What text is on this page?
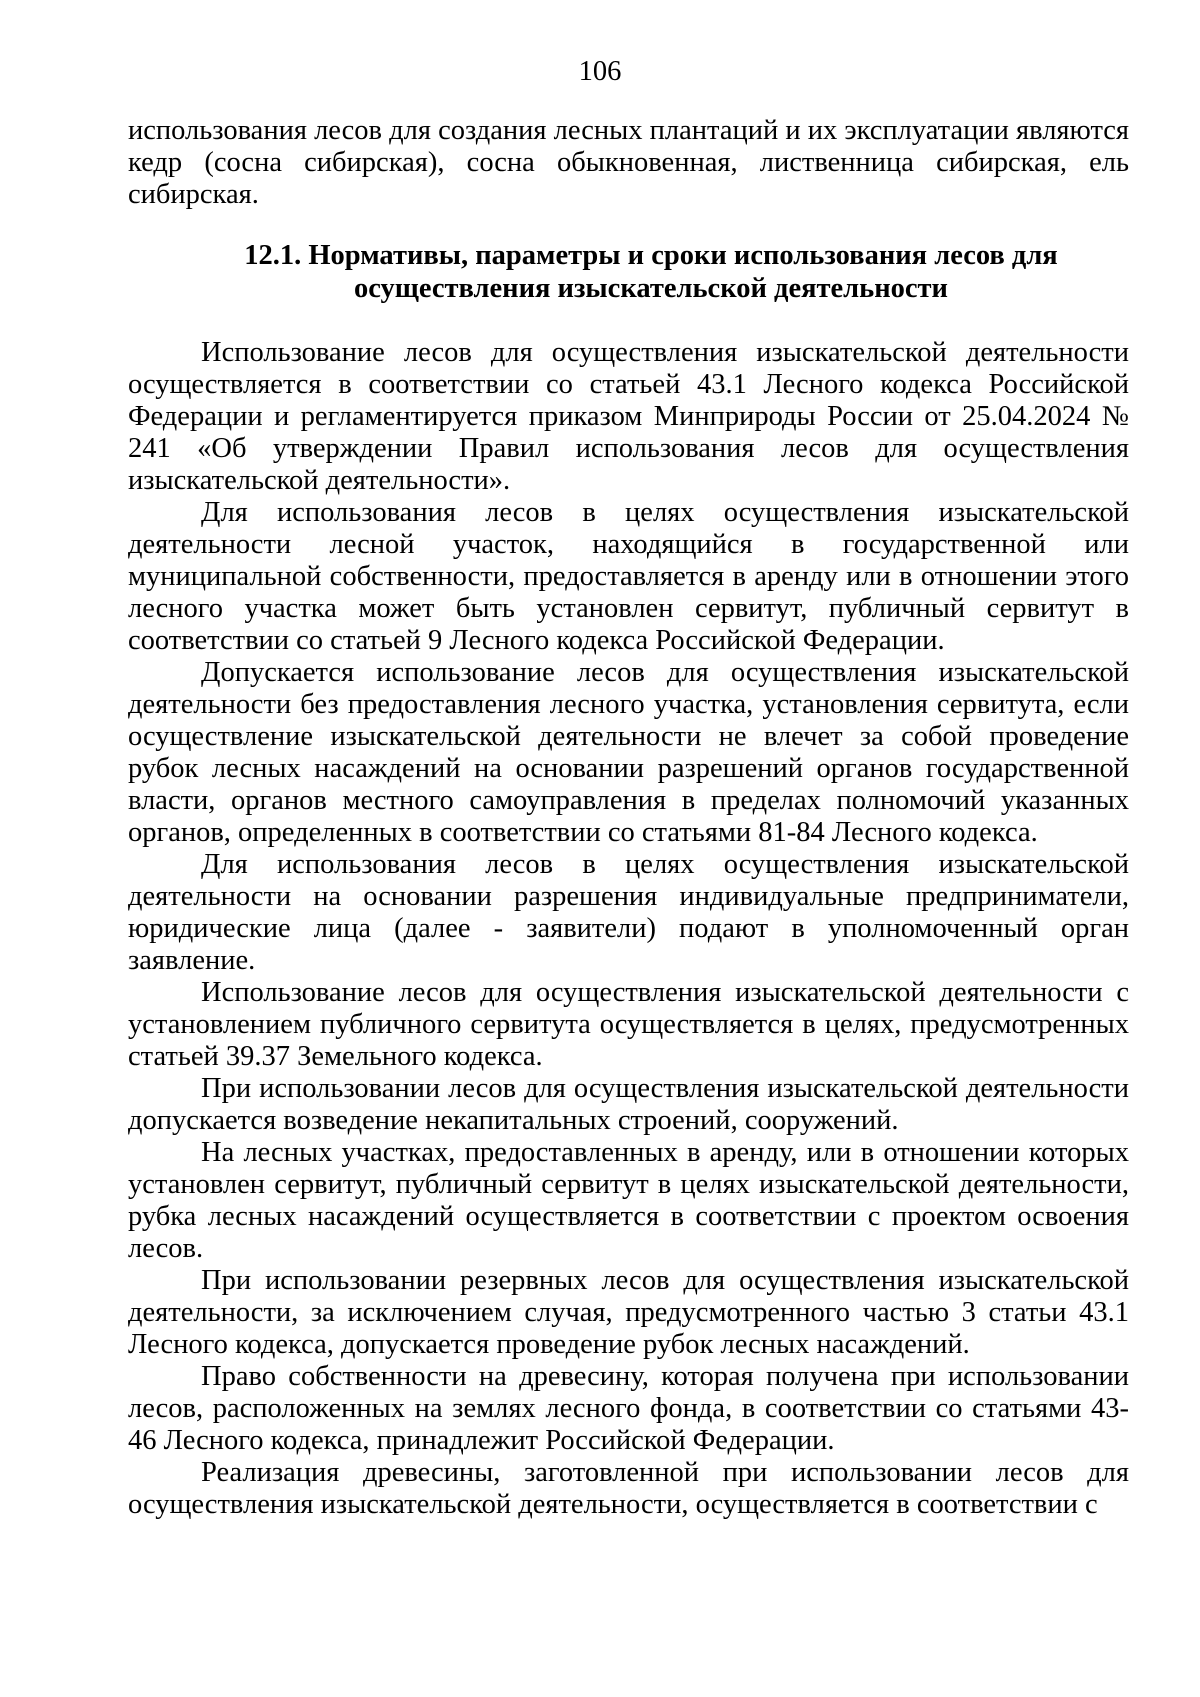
106

использования лесов для создания лесных плантаций и их эксплуатации являются кедр (сосна сибирская), сосна обыкновенная, лиственница сибирская, ель сибирская.

12.1. Нормативы, параметры и сроки использования лесов для осуществления изыскательской деятельности

Использование лесов для осуществления изыскательской деятельности осуществляется в соответствии со статьей 43.1 Лесного кодекса Российской Федерации и регламентируется приказом Минприроды России от 25.04.2024 № 241 «Об утверждении Правил использования лесов для осуществления изыскательской деятельности».

Для использования лесов в целях осуществления изыскательской деятельности лесной участок, находящийся в государственной или муниципальной собственности, предоставляется в аренду или в отношении этого лесного участка может быть установлен сервитут, публичный сервитут в соответствии со статьей 9 Лесного кодекса Российской Федерации.

Допускается использование лесов для осуществления изыскательской деятельности без предоставления лесного участка, установления сервитута, если осуществление изыскательской деятельности не влечет за собой проведение рубок лесных насаждений на основании разрешений органов государственной власти, органов местного самоуправления в пределах полномочий указанных органов, определенных в соответствии со статьями 81-84 Лесного кодекса.

Для использования лесов в целях осуществления изыскательской деятельности на основании разрешения индивидуальные предприниматели, юридические лица (далее - заявители) подают в уполномоченный орган заявление.

Использование лесов для осуществления изыскательской деятельности с установлением публичного сервитута осуществляется в целях, предусмотренных статьей 39.37 Земельного кодекса.

При использовании лесов для осуществления изыскательской деятельности допускается возведение некапитальных строений, сооружений.

На лесных участках, предоставленных в аренду, или в отношении которых установлен сервитут, публичный сервитут в целях изыскательской деятельности, рубка лесных насаждений осуществляется в соответствии с проектом освоения лесов.

При использовании резервных лесов для осуществления изыскательской деятельности, за исключением случая, предусмотренного частью 3 статьи 43.1 Лесного кодекса, допускается проведение рубок лесных насаждений.

Право собственности на древесину, которая получена при использовании лесов, расположенных на землях лесного фонда, в соответствии со статьями 43-46 Лесного кодекса, принадлежит Российской Федерации.

Реализация древесины, заготовленной при использовании лесов для осуществления изыскательской деятельности, осуществляется в соответствии с
